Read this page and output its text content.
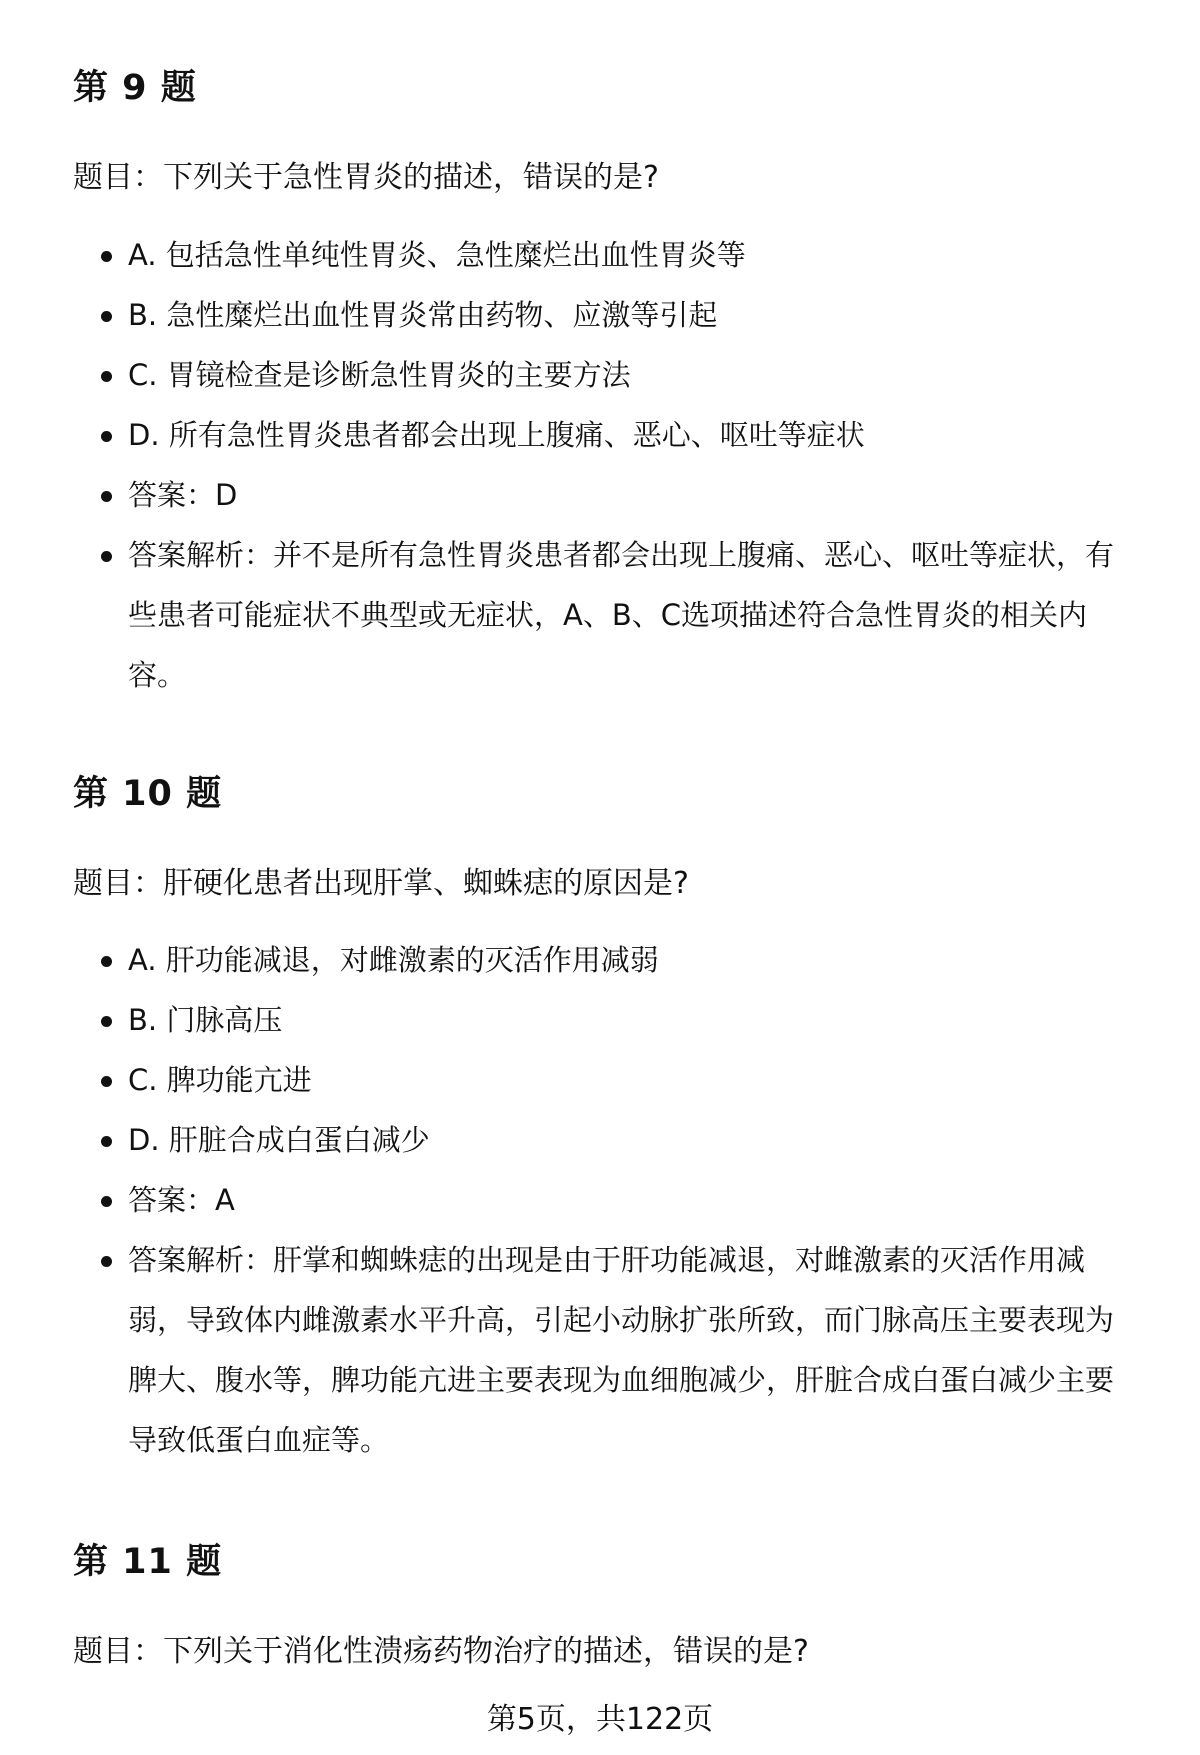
第 9 题

题目：下列关于急性胃炎的描述，错误的是?

A. 包括急性单纯性胃炎、急性糜烂出血性胃炎等
B. 急性糜烂出血性胃炎常由药物、应激等引起
C. 胃镜检查是诊断急性胃炎的主要方法
D. 所有急性胃炎患者都会出现上腹痛、恶心、呕吐等症状
答案：D
答案解析：并不是所有急性胃炎患者都会出现上腹痛、恶心、呕吐等症状，有些患者可能症状不典型或无症状，A、B、C选项描述符合急性胃炎的相关内容。
第 10 题

题目：肝硬化患者出现肝掌、蜘蛛痣的原因是?

A. 肝功能减退，对雌激素的灭活作用减弱
B. 门脉高压
C. 脾功能亢进
D. 肝脏合成白蛋白减少
答案：A
答案解析：肝掌和蜘蛛痣的出现是由于肝功能减退，对雌激素的灭活作用减弱，导致体内雌激素水平升高，引起小动脉扩张所致，而门脉高压主要表现为脾大、腹水等，脾功能亢进主要表现为血细胞减少，肝脏合成白蛋白减少主要导致低蛋白血症等。
第 11 题

题目：下列关于消化性溃疡药物治疗的描述，错误的是?

第5页，共122页
